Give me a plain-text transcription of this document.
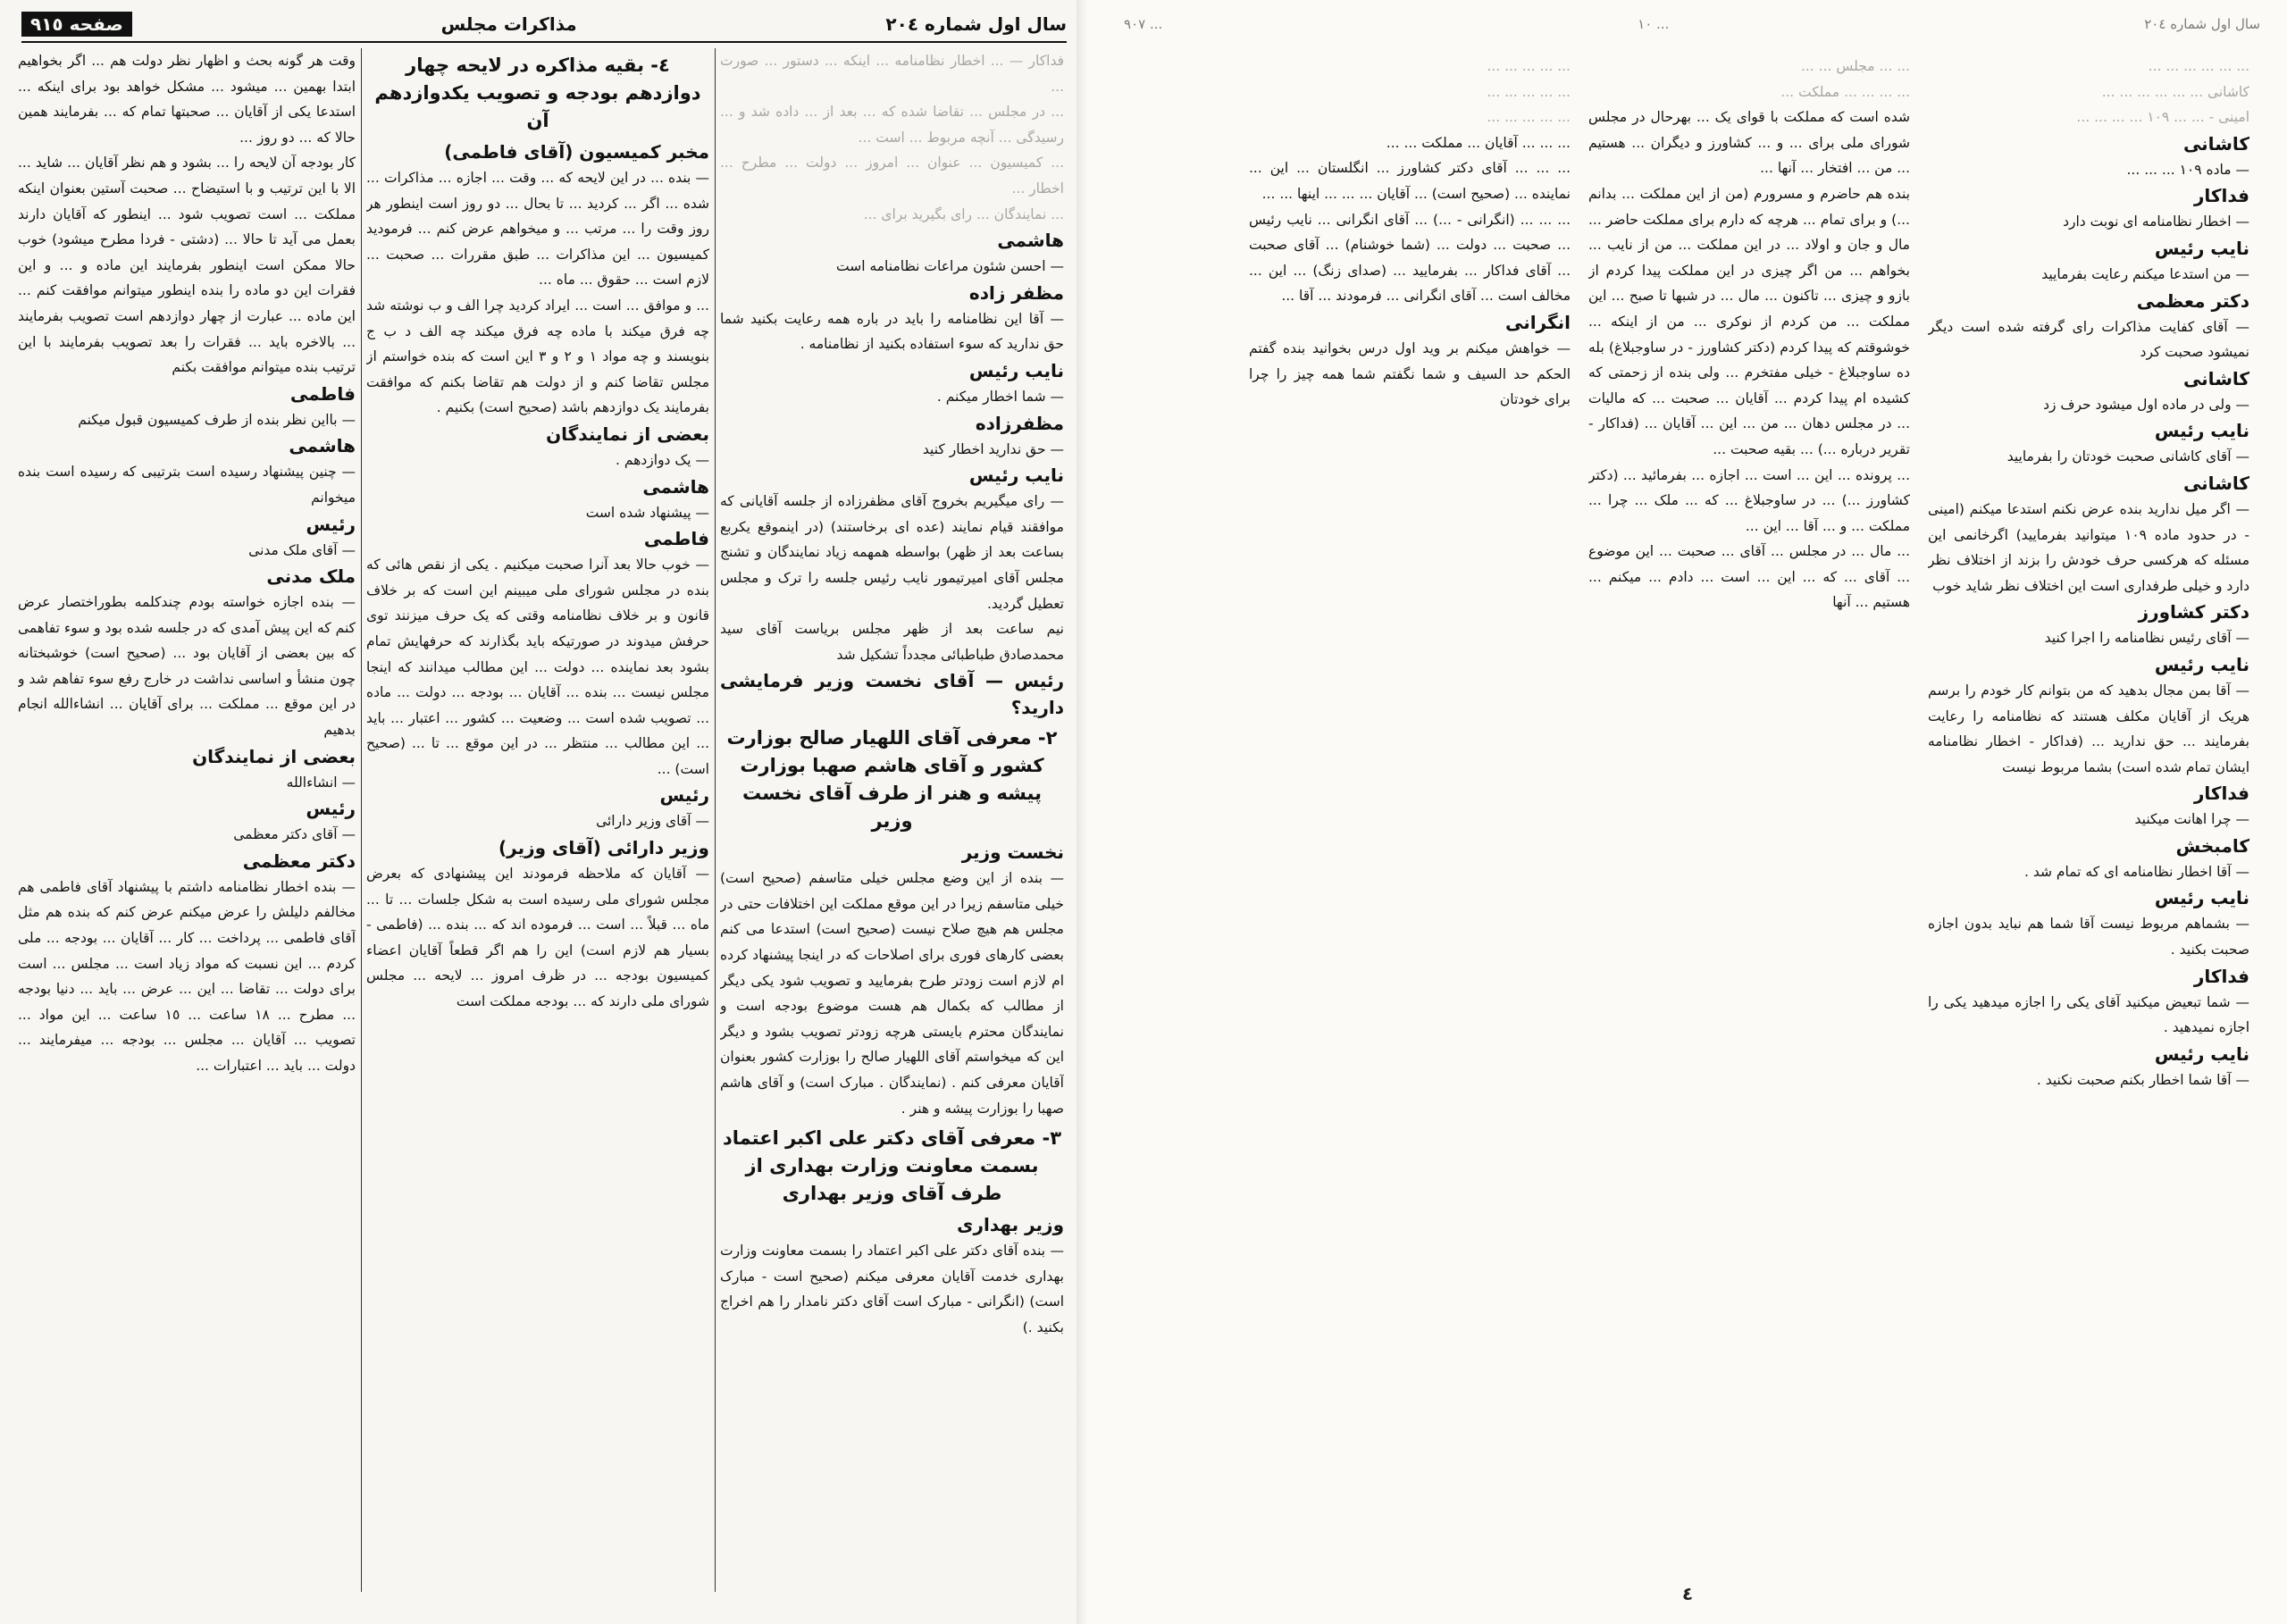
صفحه ٩١٥	مذاکرات مجلس	سال اول شماره ٢٠٤

فداکار — ... اخطار نظامنامه ... اینکه ... دستور ... صورت ...

... در مجلس ... تقاضا شده که ... بعد از ... داده شد و ... رسیدگی ... آنچه مربوط ... است ...

... کمیسیون ... عنوان ... امروز ... دولت ... مطرح ... اخطار ...

... نمایندگان ... رای بگیرید برای ...

هاشمی

— احسن شئون مراعات نظامنامه است

مظفر زاده

— آقا این نظامنامه را باید در باره همه رعایت بکنید شما حق ندارید که سوء استفاده بکنید از نظامنامه .

نایب رئیس

— شما اخطار میکنم .

مظفرزاده

— حق ندارید اخطار کنید

نایب رئیس

— رای میگیریم بخروج آقای مظفرزاده از جلسه آقایانی که موافقند قیام نمایند (عده ای برخاستند) (در اینموقع یکربع بساعت بعد از ظهر) بواسطه همهمه زیاد نمایندگان و تشنج مجلس آقای امیرتیمور نایب رئیس جلسه را ترک و مجلس تعطیل گردید.

نیم ساعت بعد از ظهر مجلس بریاست آقای سید محمدصادق طباطبائی مجدداً تشکیل شد

رئیس — آقای نخست وزیر فرمایشی دارید؟

٢- معرفی آقای اللهیار صالح بوزارت کشور و آقای هاشم صهبا بوزارت پیشه و هنر از طرف آقای نخست وزیر

نخست وزیر

— بنده از این وضع مجلس خیلی متاسفم (صحیح است) خیلی متاسفم زیرا در این موقع مملکت این اختلافات حتی در مجلس هم هیچ صلاح نیست (صحیح است) استدعا می کنم بعضی کارهای فوری برای اصلاحات که در اینجا پیشنهاد کرده ام لازم است زودتر طرح بفرمایید و تصویب شود یکی دیگر از مطالب که بکمال هم هست موضوع بودجه است و نمایندگان محترم بایستی هرچه زودتر تصویب بشود و دیگر این که میخواستم آقای اللهیار صالح را بوزارت کشور بعنوان آقایان معرفی کنم . (نمایندگان . مبارک است) و آقای هاشم صهبا را بوزارت پیشه و هنر .

٣- معرفی آقای دکتر علی اکبر اعتماد بسمت معاونت وزارت بهداری از طرف آقای وزیر بهداری

وزیر بهداری

— بنده آقای دکتر علی اکبر اعتماد را بسمت معاونت وزارت بهداری خدمت آقایان معرفی میکنم (صحیح است - مبارک است) (انگرانی - مبارک است آقای دکتر نامدار را هم اخراج بکنید .)

٤- بقیه مذاکره در لایحه چهار دوازدهم بودجه و تصویب یکدوازدهم آن

مخبر کمیسیون (آقای فاطمی)

— بنده ... در این لایحه که ... وقت ... اجازه ... مذاکرات ... شده ... اگر ... کردید ... تا بحال ... دو روز است اینطور هر روز وقت را ... مرتب ... و میخواهم عرض کنم ... فرمودید کمیسیون ... این مذاکرات ... طبق مقررات ... صحبت ... لازم است ... حقوق ... ماه ...

... و موافق ... است ... ایراد کردید چرا الف و ب نوشته شد چه فرق میکند با ماده چه فرق میکند چه الف د ب ج بنویسند و چه مواد ١ و ٢ و ٣ این است که بنده خواستم از مجلس تقاضا کنم و از دولت هم تقاضا بکنم که موافقت بفرمایند یک دوازدهم باشد (صحیح است) بکنیم .

بعضی از نمایندگان

— یک دوازدهم .

هاشمی

— پیشنهاد شده است

فاطمی

— خوب حالا بعد آنرا صحبت میکنیم . یکی از نقص هائی که بنده در مجلس شورای ملی میبینم این است که بر خلاف قانون و بر خلاف نظامنامه وقتی که یک حرف میزنند توی حرفش میدوند در صورتیکه باید بگذارند که حرفهایش تمام بشود بعد نماینده ... دولت ... این مطالب میدانند که اینجا مجلس نیست ... بنده ... آقایان ... بودجه ... دولت ... ماده ... تصویب شده است ... وضعیت ... کشور ... اعتبار ... باید ... این مطالب ... منتظر ... در این موقع ... تا ... (صحیح است) ...

رئیس

— آقای وزیر دارائی

وزیر دارائی (آقای وزیر)

— آقایان که ملاحظه فرمودند این پیشنهادی که بعرض مجلس شورای ملی رسیده است به شکل جلسات ... تا ... ماه ... قبلاً ... است ... فرموده اند که ... بنده ... (فاطمی - بسیار هم لازم است) این را هم اگر قطعاً آقایان اعضاء کمیسیون بودجه ... در ظرف امروز ... لایحه ... مجلس شورای ملی دارند که ... بودجه مملکت است

وقت هر گونه بحث و اظهار نظر دولت هم ... اگر بخواهیم ابتدا بهمین ... میشود ... مشکل خواهد بود برای اینکه ... استدعا یکی از آقایان ... صحبتها تمام که ... بفرمایند همین حالا که ... دو روز ...

کار بودجه آن لایحه را ... بشود و هم نظر آقایان ... شاید ... الا با این ترتیب و با استیضاح ... صحبت آستین بعنوان اینکه مملکت ... است تصویب شود ... اینطور که آقایان دارند بعمل می آید تا حالا ... (دشتی - فردا مطرح میشود) خوب حالا ممکن است اینطور بفرمایند این ماده و ... و این فقرات این دو ماده را بنده اینطور میتوانم موافقت کنم ... این ماده ... عبارت از چهار دوازدهم است تصویب بفرمایند ... بالاخره باید ... فقرات را بعد تصویب بفرمایند با این ترتیب بنده میتوانم موافقت بکنم

فاطمی

— بااین نظر بنده از طرف کمیسیون قبول میکنم

هاشمی

— چنین پیشنهاد رسیده است بترتیبی که رسیده است بنده میخوانم

رئیس

— آقای ملک مدنی

ملک مدنی

— بنده اجازه خواسته بودم چندکلمه بطوراختصار عرض کنم که این پیش آمدی که در جلسه شده بود و سوء تفاهمی که بین بعضی از آقایان بود ... (صحیح است) خوشبختانه چون منشأ و اساسی نداشت در خارج رفع سوء تفاهم شد و در این موقع ... مملکت ... برای آقایان ... انشاءالله انجام بدهیم

بعضی از نمایندگان

— انشاءالله

رئیس

— آقای دکتر معظمی

دکتر معظمی

— بنده اخطار نظامنامه داشتم با پیشنهاد آقای فاطمی هم مخالفم دلیلش را عرض میکنم عرض کنم که بنده هم مثل آقای فاطمی ... پرداخت ... کار ... آقایان ... بودجه ... ملی کردم ... این نسبت که مواد زیاد است ... مجلس ... است برای دولت ... تقاضا ... این ... عرض ... باید ... دنیا بودجه ... مطرح ... ١٨ ساعت ... ١٥ ساعت ... این مواد ... تصویب ... آقایان ... مجلس ... بودجه ... میفرمایند ... دولت ... باید ... اعتبارات ...

سال اول شماره ٢٠٤
... ١٠
... ٩٠٧

... ... ... ... ... ...

کاشانی ... ... ... ... ... ...

امینی - ... ... ١٠٩ ... ... ... ...

کاشانی

— ماده ١٠٩ ... ... ...

فداکار

— اخطار نظامنامه ای نوبت دارد

نایب رئیس

— من استدعا میکنم رعایت بفرمایید

دکتر معظمی

— آقای کفایت مذاکرات رای گرفته شده است دیگر نمیشود صحبت کرد

کاشانی

— ولی در ماده اول میشود حرف زد

نایب رئیس

— آقای کاشانی صحبت خودتان را بفرمایید

کاشانی

— اگر میل ندارید بنده عرض نکنم استدعا میکنم (امینی - در حدود ماده ١٠٩ میتوانید بفرمایید) اگرخانمی این مسئله که هرکسی حرف خودش را بزند از اختلاف نظر دارد و خیلی طرفداری است این اختلاف نظر شاید خوب

دکتر کشاورز

— آقای رئیس نظامنامه را اجرا کنید

نایب رئیس

— آقا بمن مجال بدهید که من بتوانم کار خودم را برسم هریک از آقایان مکلف هستند که نظامنامه را رعایت بفرمایند ... حق ندارید ... (فداکار - اخطار نظامنامه ایشان تمام شده است) بشما مربوط نیست

فداکار

— چرا اهانت میکنید

کامبخش

— آقا اخطار نظامنامه ای که تمام شد .

نایب رئیس

— بشماهم مربوط نیست آقا شما هم نباید بدون اجازه صحبت بکنید .

فداکار

— شما تبعیض میکنید آقای یکی را اجازه میدهید یکی را اجازه نمیدهید .

نایب رئیس

— آقا شما اخطار بکنم صحبت نکنید .

... ... مجلس ... ...

... ... ... ... مملکت ...

شده است که مملکت با قوای یک ... بهرحال در مجلس شورای ملی برای ... و ... کشاورز و دیگران ... هستیم ... من ... افتخار ... آنها ...

بنده هم حاضرم و مسرورم (من از این مملکت ... بدانم ...) و برای تمام ... هرچه که دارم برای مملکت حاضر ... مال و جان و اولاد ... در این مملکت ... من از نایب ... بخواهم ... من اگر چیزی در این مملکت پیدا کردم از بازو و چیزی ... تاکنون ... مال ... در شبها تا صبح ... این مملکت ... من کردم از نوکری ... من از اینکه ... خوشوقتم که پیدا کردم (دکتر کشاورز - در ساوجبلاغ) بله ده ساوجبلاغ - خیلی مفتخرم ... ولی بنده از زحمتی که کشیده ام پیدا کردم ... آقایان ... صحبت ... که مالیات ... در مجلس دهان ... من ... این ... آقایان ... (فداکار - تقریر درباره ...) ... بقیه صحبت ...

... پرونده ... این ... است ... اجازه ... بفرمائید ... (دکتر کشاورز ...) ... در ساوجبلاغ ... که ... ملک ... چرا ... مملکت ... و ... آقا ... این ...

... مال ... در مجلس ... آقای ... صحبت ... این موضوع ... آقای ... که ... این ... است ... دادم ... میکنم ... هستیم ... آنها

... ... ... ... ...

... ... ... ... ...

... ... ... ... ...

... ... ... آقایان ... مملکت ... ...

... ... ... آقای دکتر کشاورز ... انگلستان ... این ... نماینده ... (صحیح است) ... آقایان ... ... ... اینها ... ...

... ... ... (انگرانی - ...) ... آقای انگرانی ... نایب رئیس ... صحبت ... دولت ... (شما خوشنام) ... آقای صحبت ... آقای فداکار ... بفرمایید ... (صدای زنگ) ... این ... مخالف است ... آقای انگرانی ... فرمودند ... آقا ...

انگرانی

— خواهش میکنم بر وید اول درس بخوانید بنده گفتم الحکم حد السیف و شما نگفتم شما همه چیز را چرا برای خودتان

٤
